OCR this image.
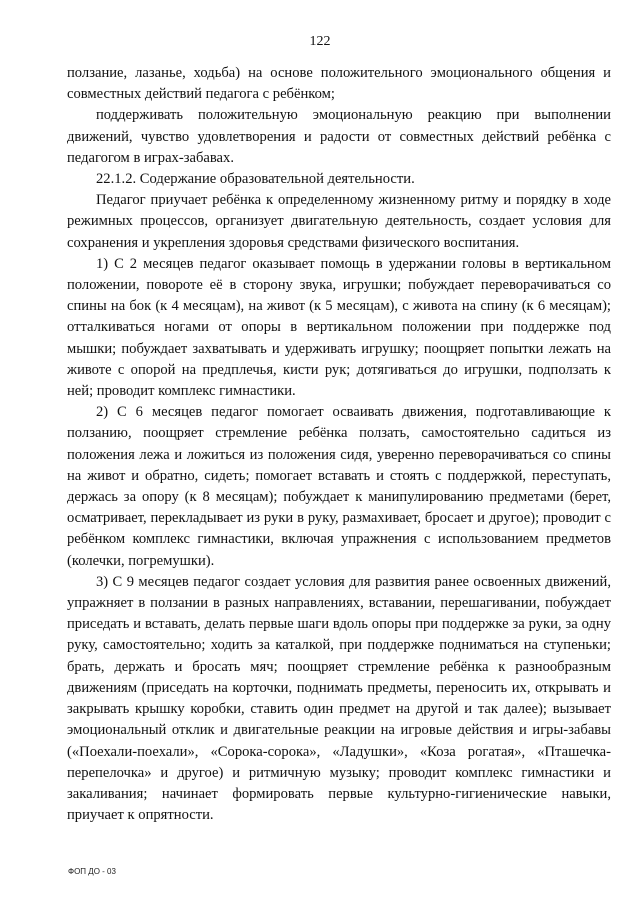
122

ползание, лазанье, ходьба) на основе положительного эмоционального общения и совместных действий педагога с ребёнком;

поддерживать положительную эмоциональную реакцию при выполнении движений, чувство удовлетворения и радости от совместных действий ребёнка с педагогом в играх-забавах.

22.1.2. Содержание образовательной деятельности.

Педагог приучает ребёнка к определенному жизненному ритму и порядку в ходе режимных процессов, организует двигательную деятельность, создает условия для сохранения и укрепления здоровья средствами физического воспитания.

1) С 2 месяцев педагог оказывает помощь в удержании головы в вертикальном положении, повороте её в сторону звука, игрушки; побуждает переворачиваться со спины на бок (к 4 месяцам), на живот (к 5 месяцам), с живота на спину (к 6 месяцам); отталкиваться ногами от опоры в вертикальном положении при поддержке под мышки; побуждает захватывать и удерживать игрушку; поощряет попытки лежать на животе с опорой на предплечья, кисти рук; дотягиваться до игрушки, подползать к ней; проводит комплекс гимнастики.

2) С 6 месяцев педагог помогает осваивать движения, подготавливающие к ползанию, поощряет стремление ребёнка ползать, самостоятельно садиться из положения лежа и ложиться из положения сидя, уверенно переворачиваться со спины на живот и обратно, сидеть; помогает вставать и стоять с поддержкой, переступать, держась за опору (к 8 месяцам); побуждает к манипулированию предметами (берет, осматривает, перекладывает из руки в руку, размахивает, бросает и другое); проводит с ребёнком комплекс гимнастики, включая упражнения с использованием предметов (колечки, погремушки).

3) С 9 месяцев педагог создает условия для развития ранее освоенных движений, упражняет в ползании в разных направлениях, вставании, перешагивании, побуждает приседать и вставать, делать первые шаги вдоль опоры при поддержке за руки, за одну руку, самостоятельно; ходить за каталкой, при поддержке подниматься на ступеньки; брать, держать и бросать мяч; поощряет стремление ребёнка к разнообразным движениям (приседать на корточки, поднимать предметы, переносить их, открывать и закрывать крышку коробки, ставить один предмет на другой и так далее); вызывает эмоциональный отклик и двигательные реакции на игровые действия и игры-забавы («Поехали-поехали», «Сорока-сорока», «Ладушки», «Коза рогатая», «Пташечка-перепелочка» и другое) и ритмичную музыку; проводит комплекс гимнастики и закаливания; начинает формировать первые культурно-гигиенические навыки, приучает к опрятности.

ФОП ДО - 03
